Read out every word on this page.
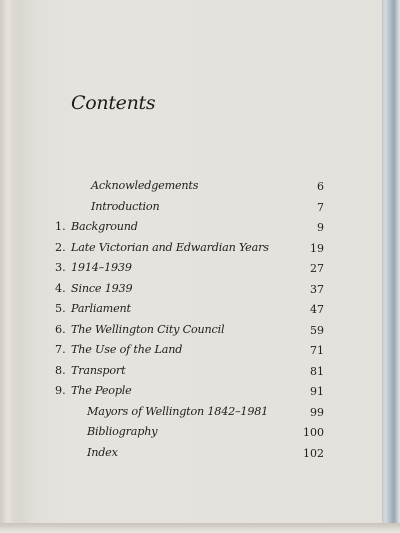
Contents
Acknowledgements	6
Introduction	7
1. Background	9
2. Late Victorian and Edwardian Years	19
3. 1914–1939	27
4. Since 1939	37
5. Parliament	47
6. The Wellington City Council	59
7. The Use of the Land	71
8. Transport	81
9. The People	91
Mayors of Wellington 1842–1981	99
Bibliography	100
Index	102
